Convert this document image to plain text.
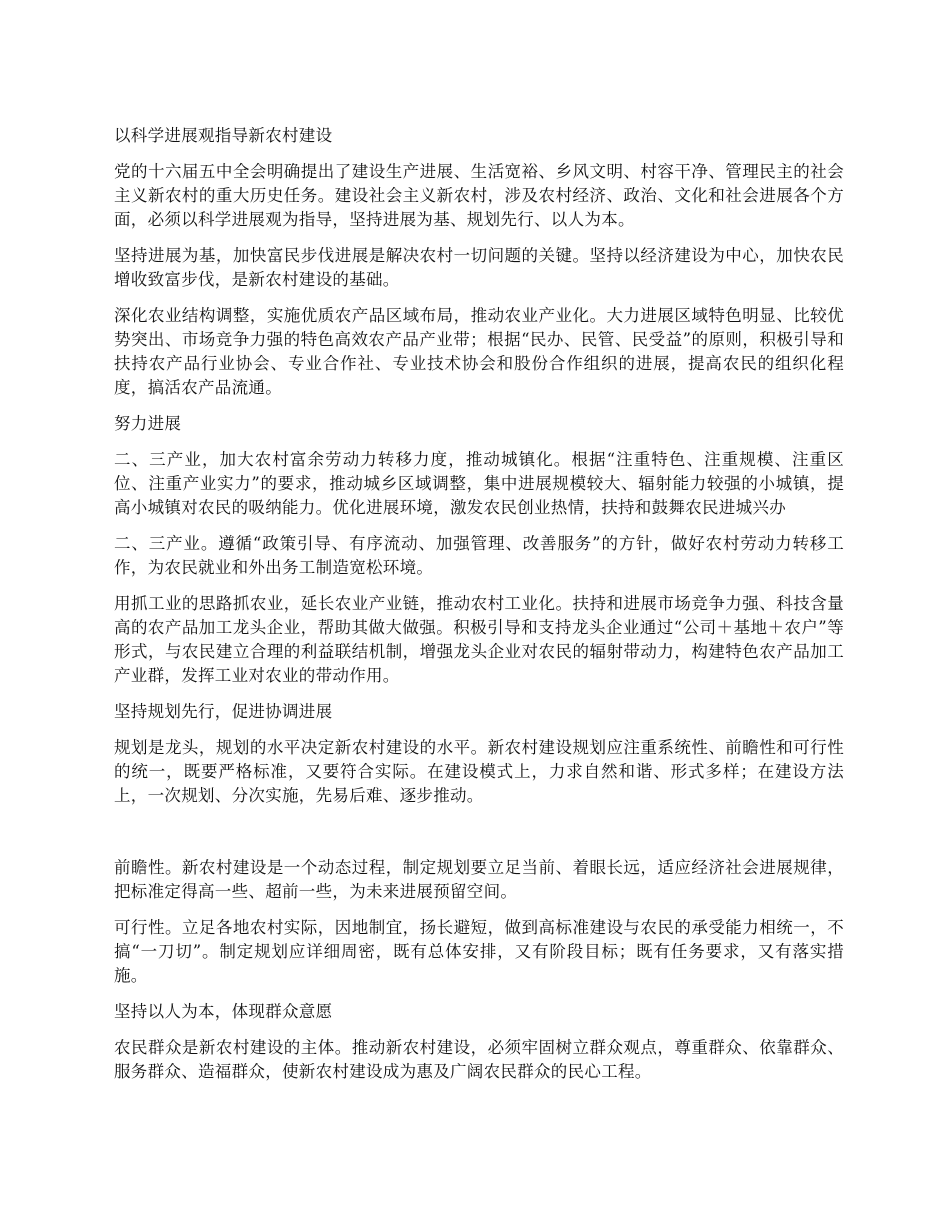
以科学进展观指导新农村建设
党的十六届五中全会明确提出了建设生产进展、生活宽裕、乡风文明、村容干净、管理民主的社会主义新农村的重大历史任务。建设社会主义新农村，涉及农村经济、政治、文化和社会进展各个方面，必须以科学进展观为指导，坚持进展为基、规划先行、以人为本。
坚持进展为基，加快富民步伐进展是解决农村一切问题的关键。坚持以经济建设为中心，加快农民增收致富步伐，是新农村建设的基础。
深化农业结构调整，实施优质农产品区域布局，推动农业产业化。大力进展区域特色明显、比较优势突出、市场竞争力强的特色高效农产品产业带；根据“民办、民管、民受益”的原则，积极引导和扶持农产品行业协会、专业合作社、专业技术协会和股份合作组织的进展，提高农民的组织化程度，搞活农产品流通。
努力进展
二、三产业，加大农村富余劳动力转移力度，推动城镇化。根据“注重特色、注重规模、注重区位、注重产业实力”的要求，推动城乡区域调整，集中进展规模较大、辐射能力较强的小城镇，提高小城镇对农民的吸纳能力。优化进展环境，激发农民创业热情，扶持和鼓舞农民进城兴办
二、三产业。遵循“政策引导、有序流动、加强管理、改善服务”的方针，做好农村劳动力转移工作，为农民就业和外出务工制造宽松环境。
用抓工业的思路抓农业，延长农业产业链，推动农村工业化。扶持和进展市场竞争力强、科技含量高的农产品加工龙头企业，帮助其做大做强。积极引导和支持龙头企业通过“公司＋基地＋农户”等形式，与农民建立合理的利益联结机制，增强龙头企业对农民的辐射带动力，构建特色农产品加工产业群，发挥工业对农业的带动作用。
坚持规划先行，促进协调进展
规划是龙头，规划的水平决定新农村建设的水平。新农村建设规划应注重系统性、前瞻性和可行性的统一，既要严格标准，又要符合实际。在建设模式上，力求自然和谐、形式多样；在建设方法上，一次规划、分次实施，先易后难、逐步推动。
前瞻性。新农村建设是一个动态过程，制定规划要立足当前、着眼长远，适应经济社会进展规律，把标准定得高一些、超前一些，为未来进展预留空间。
可行性。立足各地农村实际，因地制宜，扬长避短，做到高标准建设与农民的承受能力相统一，不搞“一刀切”。制定规划应详细周密，既有总体安排，又有阶段目标；既有任务要求，又有落实措施。
坚持以人为本，体现群众意愿
农民群众是新农村建设的主体。推动新农村建设，必须牢固树立群众观点，尊重群众、依靠群众、服务群众、造福群众，使新农村建设成为惠及广阔农民群众的民心工程。
